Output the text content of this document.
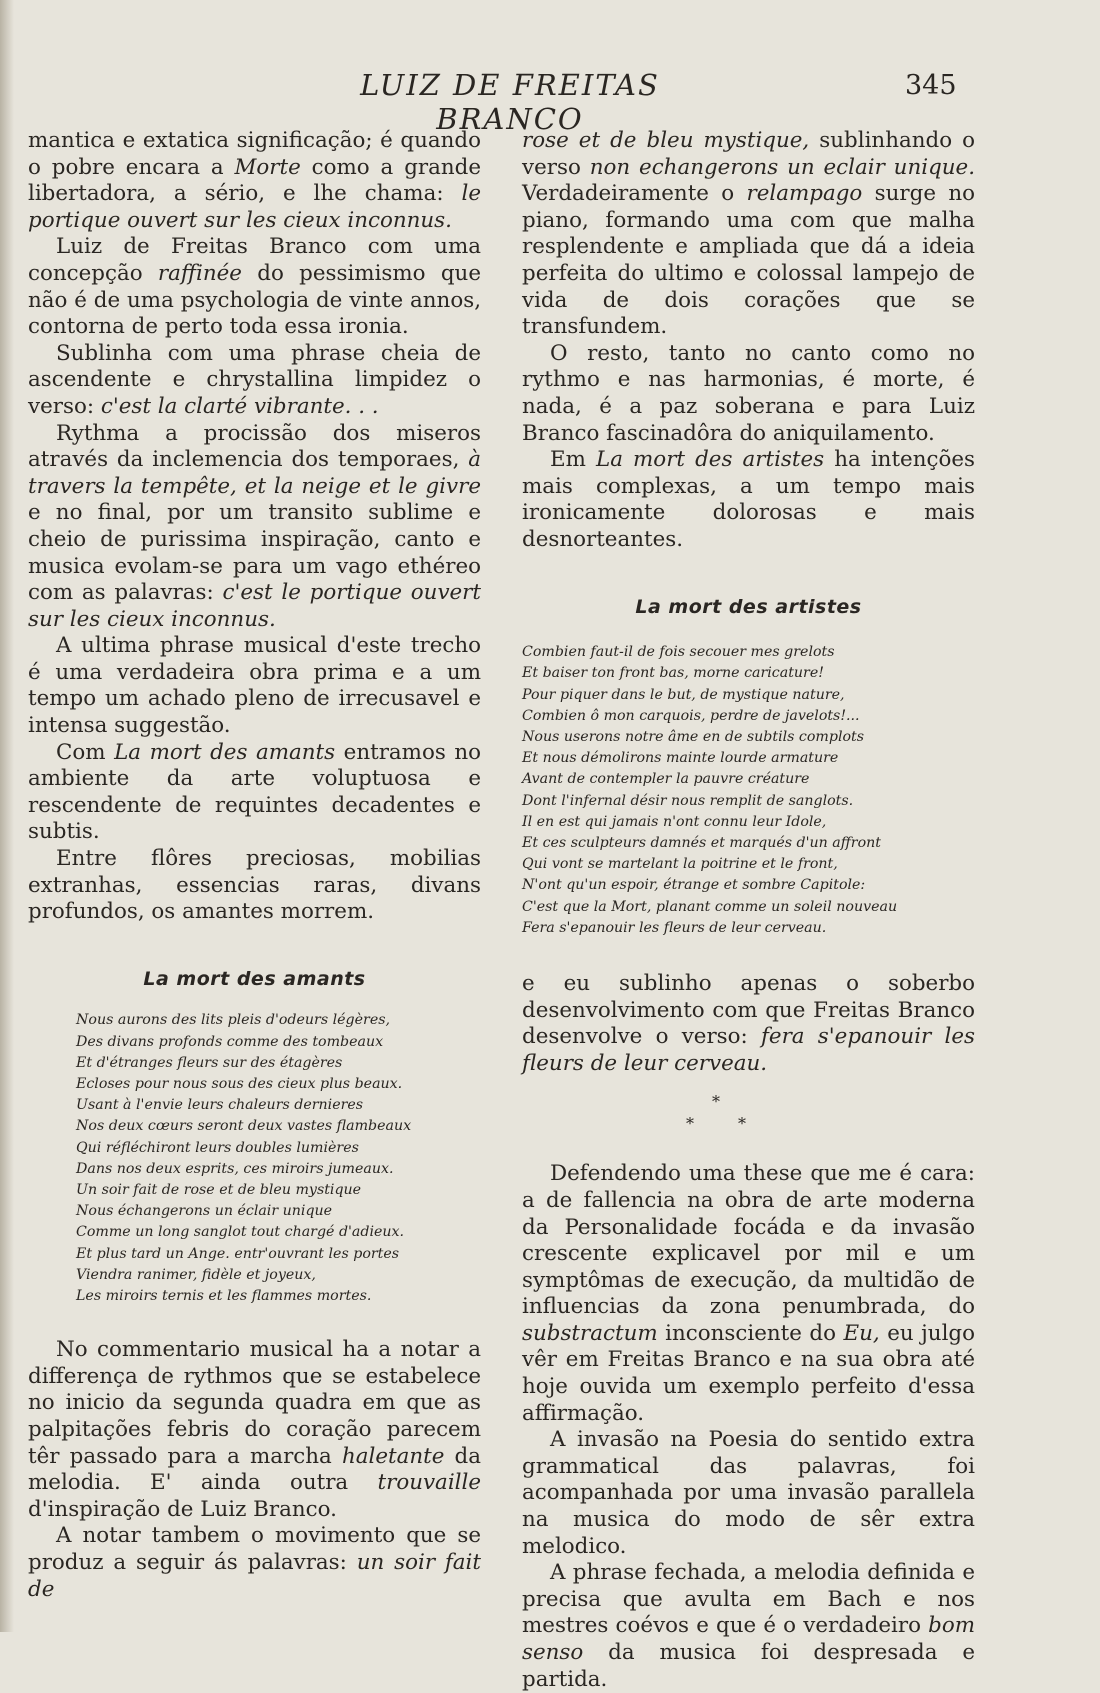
LUIZ DE FREITAS BRANCO
345

mantica e extatica significação; é quando o pobre encara a Morte como a grande libertadora, a sério, e lhe chama: le portique ouvert sur les cieux inconnus.

Luiz de Freitas Branco com uma concepção raffinée do pessimismo que não é de uma psychologia de vinte annos, contorna de perto toda essa ironia.

Sublinha com uma phrase cheia de ascendente e chrystallina limpidez o verso: c'est la clarté vibrante. . .

Rythma a procissão dos miseros através da inclemencia dos temporaes, à travers la tempête, et la neige et le givre e no final, por um transito sublime e cheio de purissima inspiração, canto e musica evolam-se para um vago ethéreo com as palavras: c'est le portique ouvert sur les cieux inconnus.

A ultima phrase musical d'este trecho é uma verdadeira obra prima e a um tempo um achado pleno de irrecusavel e intensa suggestão.

Com La mort des amants entramos no ambiente da arte voluptuosa e rescendente de requintes decadentes e subtis.

Entre flôres preciosas, mobilias extranhas, essencias raras, divans profundos, os amantes morrem.

La mort des amants
Nous aurons des lits pleis d'odeurs légères,
Des divans profonds comme des tombeaux
Et d'étranges fleurs sur des étagères
Ecloses pour nous sous des cieux plus beaux.
Usant à l'envie leurs chaleurs dernieres
Nos deux cœurs seront deux vastes flambeaux
Qui réfléchiront leurs doubles lumières
Dans nos deux esprits, ces miroirs jumeaux.
Un soir fait de rose et de bleu mystique
Nous échangerons un éclair unique
Comme un long sanglot tout chargé d'adieux.
Et plus tard un Ange. entr'ouvrant les portes
Viendra ranimer, fidèle et joyeux,
Les miroirs ternis et les flammes mortes.

No commentario musical ha a notar a differença de rythmos que se estabelece no inicio da segunda quadra em que as palpitações febris do coração parecem têr passado para a marcha haletante da melodia. E' ainda outra trouvaille d'inspiração de Luiz Branco.

A notar tambem o movimento que se produz a seguir ás palavras: un soir fait de

rose et de bleu mystique, sublinhando o verso non echangerons un eclair unique. Verdadeiramente o relampago surge no piano, formando uma com que malha resplendente e ampliada que dá a ideia perfeita do ultimo e colossal lampejo de vida de dois corações que se transfundem.

O resto, tanto no canto como no rythmo e nas harmonias, é morte, é nada, é a paz soberana e para Luiz Branco fascinadôra do aniquilamento.

Em La mort des artistes ha intenções mais complexas, a um tempo mais ironicamente dolorosas e mais desnorteantes.

La mort des artistes
Combien faut-il de fois secouer mes grelots
Et baiser ton front bas, morne caricature!
Pour piquer dans le but, de mystique nature,
Combien ô mon carquois, perdre de javelots!...
Nous userons notre âme en de subtils complots
Et nous démolirons mainte lourde armature
Avant de contempler la pauvre créature
Dont l'infernal désir nous remplit de sanglots.
Il en est qui jamais n'ont connu leur Idole,
Et ces sculpteurs damnés et marqués d'un affront
Qui vont se martelant la poitrine et le front,
N'ont qu'un espoir, étrange et sombre Capitole:
C'est que la Mort, planant comme un soleil nouveau
Fera s'epanouir les fleurs de leur cerveau.

e eu sublinho apenas o soberbo desenvolvimento com que Freitas Branco desenvolve o verso: fera s'epanouir les fleurs de leur cerveau.

*
*	*

Defendendo uma these que me é cara: a de fallencia na obra de arte moderna da Personalidade focáda e da invasão crescente explicavel por mil e um symptômas de execução, da multidão de influencias da zona penumbrada, do substractum inconsciente do Eu, eu julgo vêr em Freitas Branco e na sua obra até hoje ouvida um exemplo perfeito d'essa affirmação.

A invasão na Poesia do sentido extra grammatical das palavras, foi acompanhada por uma invasão parallela na musica do modo de sêr extra melodico.

A phrase fechada, a melodia definida e precisa que avulta em Bach e nos mestres coévos e que é o verdadeiro bom senso da musica foi despresada e partida.
